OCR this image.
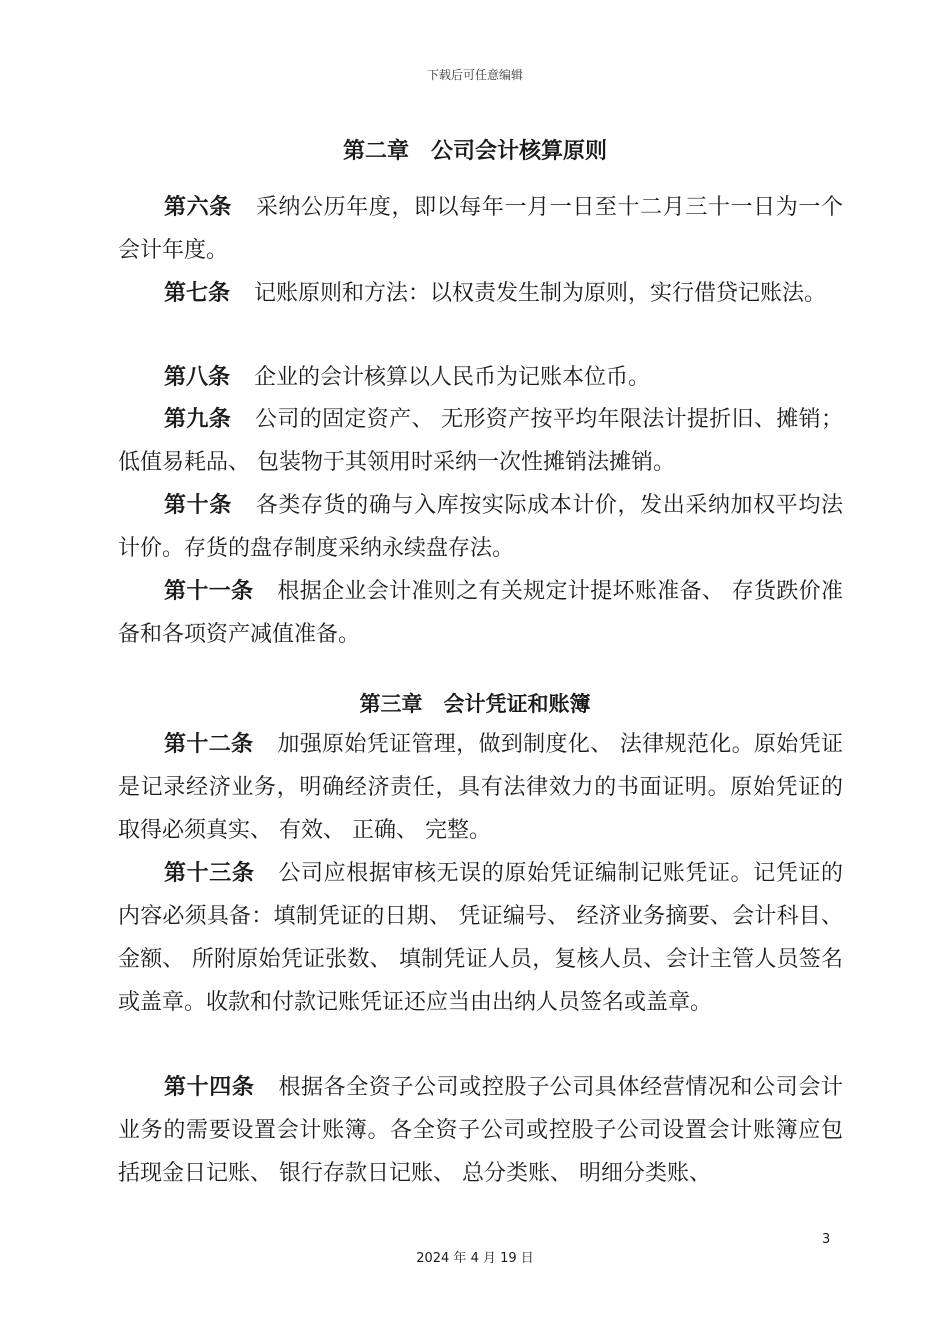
下载后可任意编辑
第二章　公司会计核算原则

第六条 采纳公历年度，即以每年一月一日至十二月三十一日为一个会计年度。

第七条 记账原则和方法：以权责发生制为原则，实行借贷记账法。

第八条 企业的会计核算以人民币为记账本位币。

第九条 公司的固定资产、 无形资产按平均年限法计提折旧、摊销；低值易耗品、 包装物于其领用时采纳一次性摊销法摊销。

第十条 各类存货的确与入库按实际成本计价，发出采纳加权平均法计价。存货的盘存制度采纳永续盘存法。

第十一条 根据企业会计准则之有关规定计提坏账准备、 存货跌价准备和各项资产减值准备。

第三章　会计凭证和账簿

第十二条 加强原始凭证管理，做到制度化、 法律规范化。原始凭证是记录经济业务，明确经济责任，具有法律效力的书面证明。原始凭证的取得必须真实、 有效、 正确、 完整。

第十三条 公司应根据审核无误的原始凭证编制记账凭证。记凭证的内容必须具备：填制凭证的日期、 凭证编号、 经济业务摘要、会计科目、 金额、 所附原始凭证张数、 填制凭证人员，复核人员、会计主管人员签名或盖章。收款和付款记账凭证还应当由出纳人员签名或盖章。

第十四条 根据各全资子公司或控股子公司具体经营情况和公司会计业务的需要设置会计账簿。各全资子公司或控股子公司设置会计账簿应包括现金日记账、 银行存款日记账、 总分类账、 明细分类账、

3
2024 年 4 月 19 日
